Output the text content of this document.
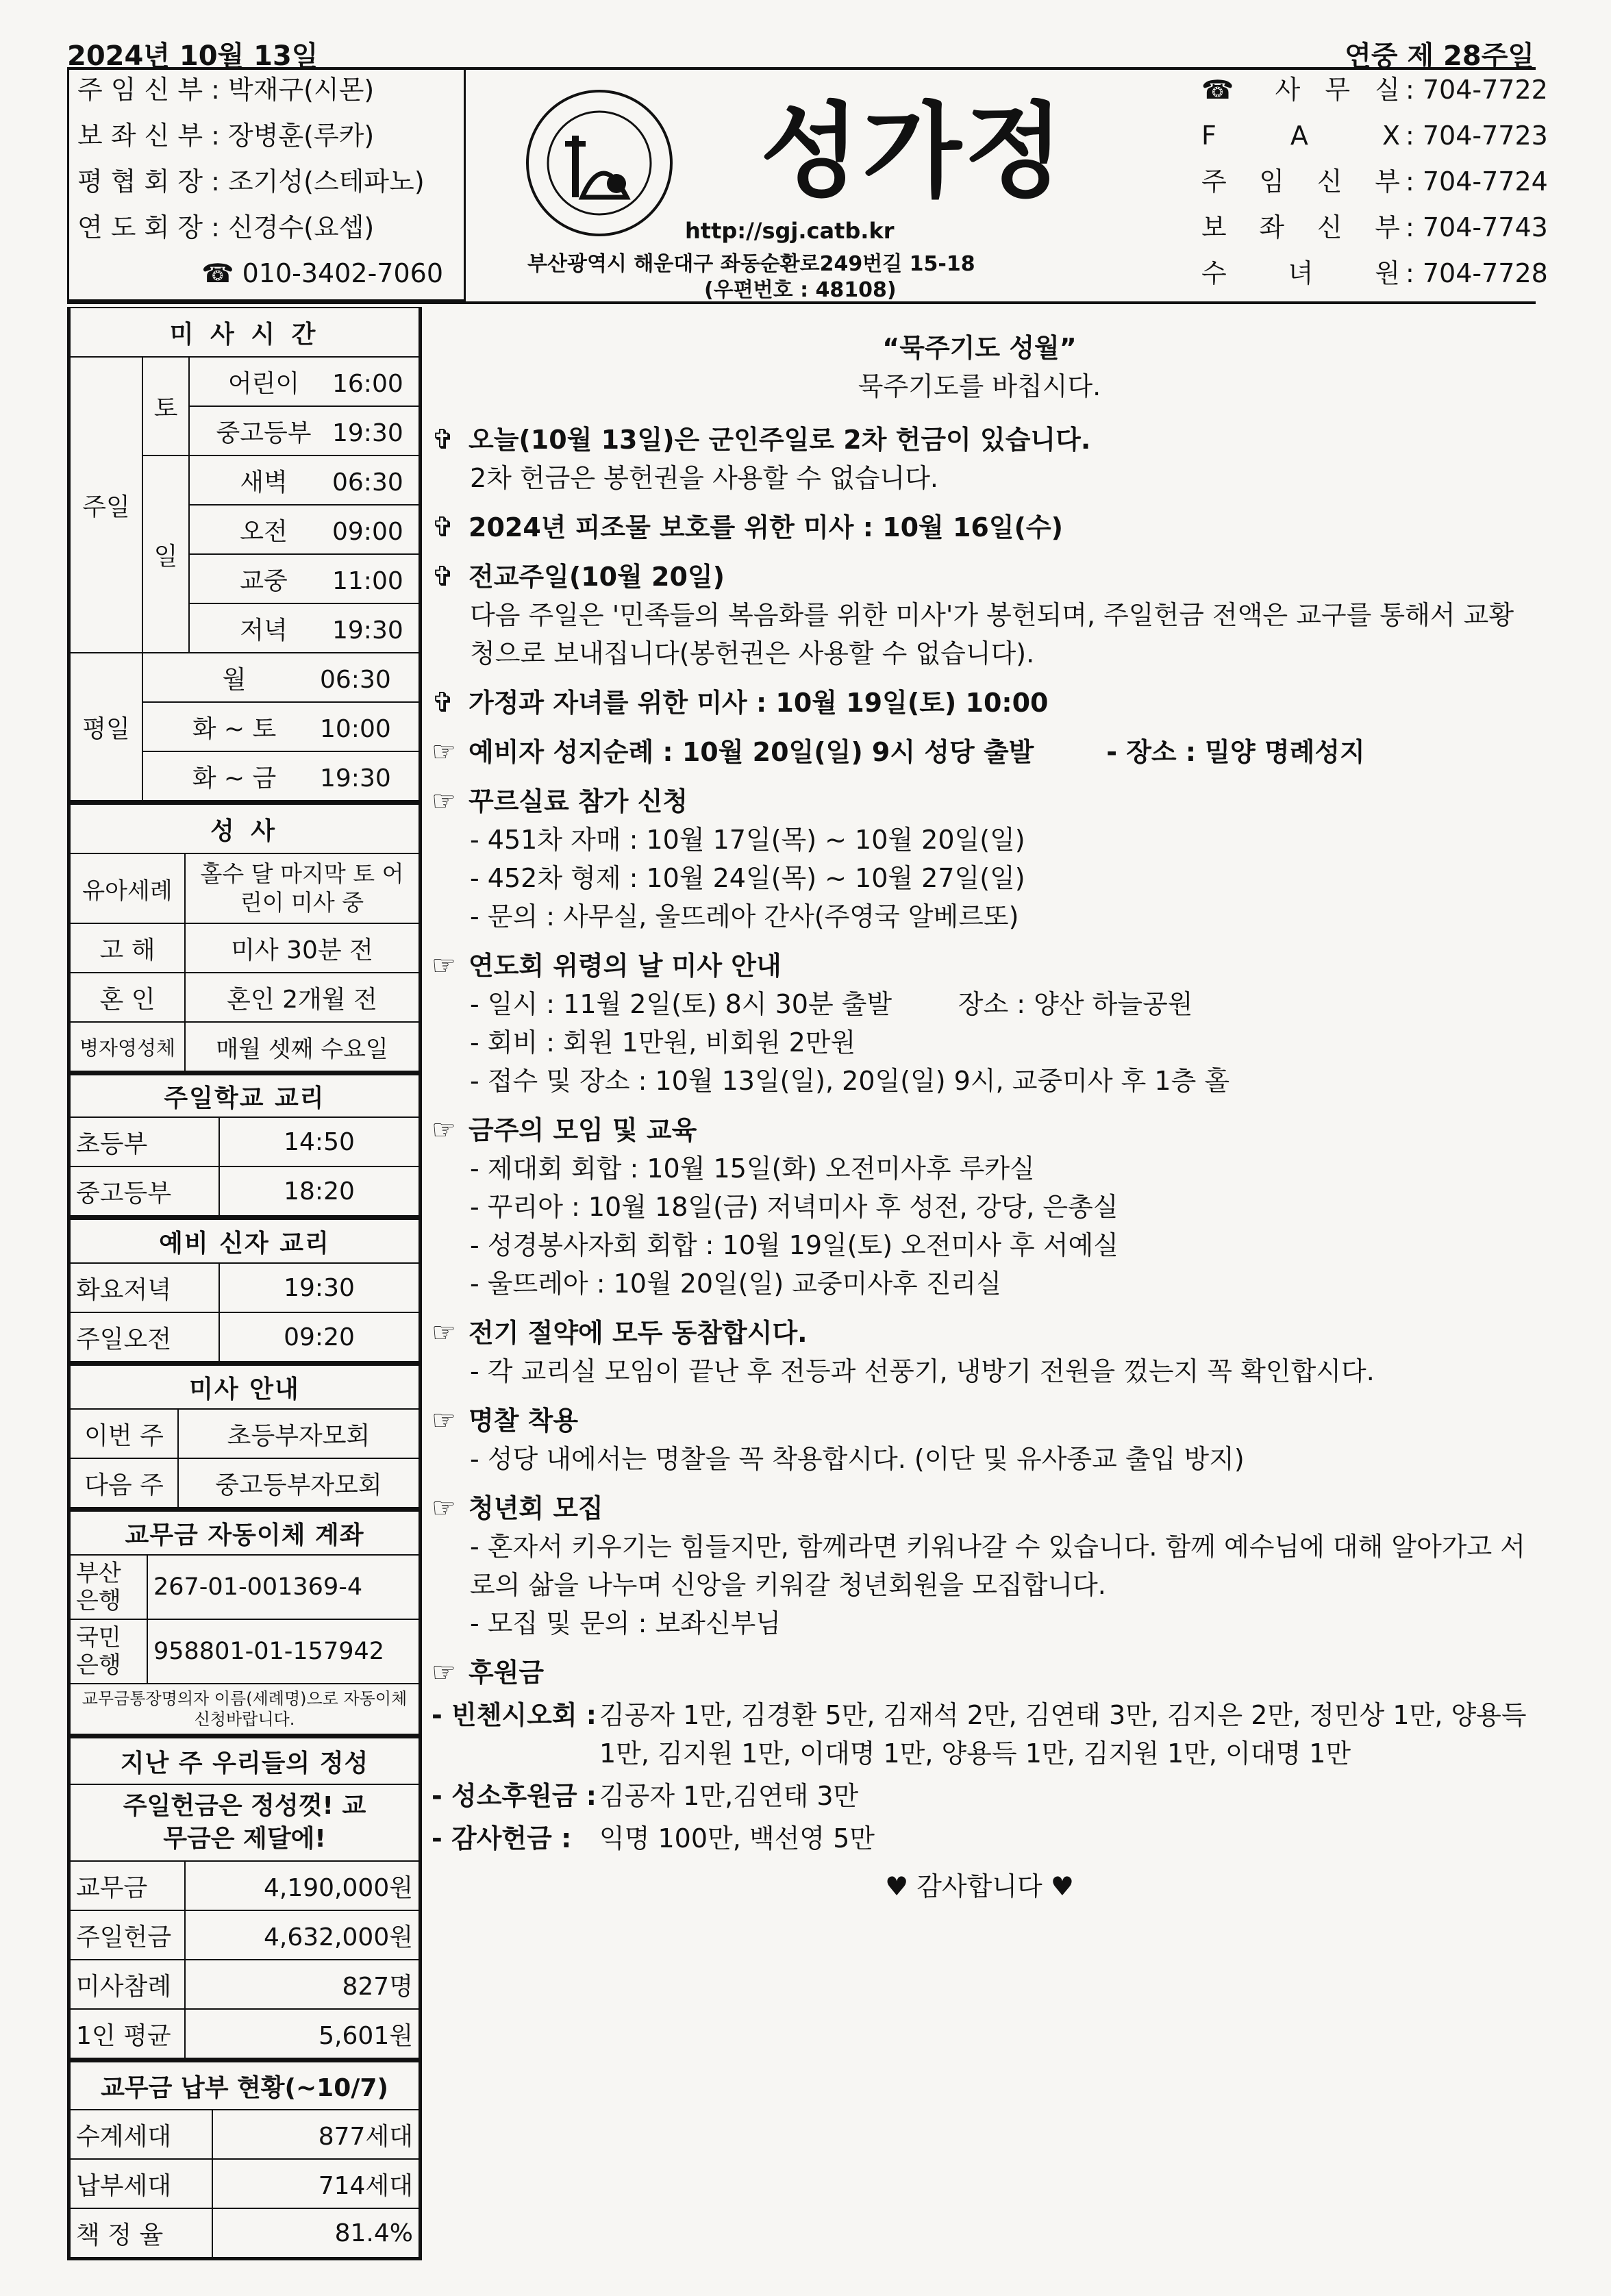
2024년 10월 13일	연중 제 28주일
주 임 신 부 : 박재구(시몬)
보 좌 신 부 : 장병훈(루카)
평 협 회 장 : 조기성(스테파노)
연 도 회 장 : 신경수(요셉)
☎ 010-3402-7060
성가정
http://sgj.catb.kr
부산광역시 해운대구 좌동순환로249번길 15-18
(우편번호 : 48108)
☎ 사 무 실 : 704-7722
F A X : 704-7723
주 임 신 부 : 704-7724
보 좌 신 부 : 704-7743
수 녀 원 : 704-7728
미 사 시 간		
주일	토	어린이 16:00
		중고등부 19:30
	일	새벽 06:30
		오전 09:00
		교중 11:00
		저녁 19:30
평일	월 06:30	
	화 ~ 토 10:00	
	화 ~ 금 19:30	
성 사	
유아세례	홀수 달 마지막 토 어린이 미사 중
고 해	미사 30분 전
혼 인	혼인 2개월 전
병자영성체	매월 셋째 수요일
주일학교 교리	
초등부	14:50
중고등부	18:20
예비 신자 교리	
화요저녁	19:30
주일오전	09:20
미사 안내	
이번 주	초등부자모회
다음 주	중고등부자모회
교무금 자동이체 계좌	
부산 은행	267-01-001369-4
국민 은행	958801-01-157942
교무금통장명의자 이름(세례명)으로 자동이체 신청바랍니다.	
지난 주 우리들의 정성	
주일헌금은 정성껏! 교무금은 제달에!	
교무금	4,190,000원
주일헌금	4,632,000원
미사참례	827명
1인 평균	5,601원
교무금 납부 현황(~10/7)	
수계세대	877세대
납부세대	714세대
책 정 율	81.4%
“묵주기도 성월”
묵주기도를 바칩시다.
✞ 오늘(10월 13일)은 군인주일로 2차 헌금이 있습니다.
2차 헌금은 봉헌권을 사용할 수 없습니다.
✞ 2024년 피조물 보호를 위한 미사 : 10월 16일(수)
✞ 전교주일(10월 20일)
다음 주일은 '민족들의 복음화를 위한 미사'가 봉헌되며, 주일헌금 전액은 교구를 통해서 교황청으로 보내집니다(봉헌권은 사용할 수 없습니다).
✞ 가정과 자녀를 위한 미사 : 10월 19일(토) 10:00
☞ 예비자 성지순례 : 10월 20일(일) 9시 성당 출발        - 장소 : 밀양 명례성지
☞ 꾸르실료 참가 신청
- 451차 자매 : 10월 17일(목) ~ 10월 20일(일)
- 452차 형제 : 10월 24일(목) ~ 10월 27일(일)
- 문의 : 사무실, 울뜨레아 간사(주영국 알베르또)
☞ 연도회 위령의 날 미사 안내
- 일시 : 11월 2일(토) 8시 30분 출발        장소 : 양산 하늘공원
- 회비 : 회원 1만원, 비회원 2만원
- 접수 및 장소 : 10월 13일(일), 20일(일) 9시, 교중미사 후 1층 홀
☞ 금주의 모임 및 교육
- 제대회 회합 : 10월 15일(화) 오전미사후 루카실
- 꾸리아 : 10월 18일(금) 저녁미사 후 성전, 강당, 은총실
- 성경봉사자회 회합 : 10월 19일(토) 오전미사 후 서예실
- 울뜨레아 : 10월 20일(일) 교중미사후 진리실
☞ 전기 절약에 모두 동참합시다.
- 각 교리실 모임이 끝난 후 전등과 선풍기, 냉방기 전원을 껐는지 꼭 확인합시다.
☞ 명찰 착용
- 성당 내에서는 명찰을 꼭 착용합시다. (이단 및 유사종교 출입 방지)
☞ 청년회 모집
- 혼자서 키우기는 힘들지만, 함께라면 키워나갈 수 있습니다. 함께 예수님에 대해 알아가고 서로의 삶을 나누며 신앙을 키워갈 청년회원을 모집합니다.
- 모집 및 문의 : 보좌신부님
☞ 후원금
- 빈첸시오회 : 김공자 1만, 김경환 5만, 김재석 2만, 김연태 3만, 김지은 2만, 정민상 1만, 양용득 1만, 김지원 1만, 이대명 1만, 양용득 1만, 김지원 1만, 이대명 1만
- 성소후원금 : 김공자 1만,김연태 3만
- 감사헌금 :	익명 100만, 백선영 5만
♥ 감사합니다 ♥
